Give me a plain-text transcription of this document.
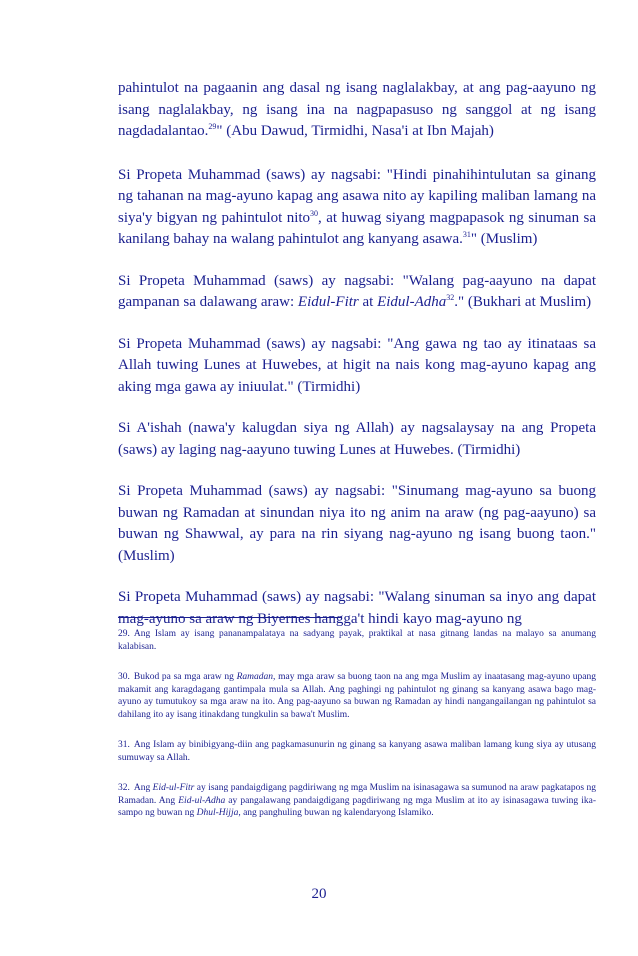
pahintulot na pagaanin ang dasal ng isang naglalakbay, at ang pag-aayuno ng isang naglalakbay, ng isang ina na nagpapasuso ng sanggol at ng isang nagdadalantao.$^{29}$" (Abu Dawud, Tirmidhi, Nasa'i at Ibn Majah)

Si Propeta Muhammad (saws) ay nagsabi: "Hindi pinahihintulutan sa ginang ng tahanan na mag-ayuno kapag ang asawa nito ay kapiling maliban lamang na siya'y bigyan ng pahintulot nito$^{30}$, at huwag siyang magpapasok ng sinuman sa kanilang bahay na walang pahintulot ang kanyang asawa.$^{31}$" (Muslim)

Si Propeta Muhammad (saws) ay nagsabi: "Walang pag-aayuno na dapat gampanan sa dalawang araw: Eidul-Fitr at Eidul-Adha$^{32}$." (Bukhari at Muslim)

Si Propeta Muhammad (saws) ay nagsabi: "Ang gawa ng tao ay itinataas sa Allah tuwing Lunes at Huwebes, at higit na nais kong mag-ayuno kapag ang aking mga gawa ay iniuulat." (Tirmidhi)

Si A'ishah (nawa'y kalugdan siya ng Allah) ay nagsalaysay na ang Propeta (saws) ay laging nag-aayuno tuwing Lunes at Huwebes. (Tirmidhi)

Si Propeta Muhammad (saws) ay nagsabi: "Sinumang mag-ayuno sa buong buwan ng Ramadan at sinundan niya ito ng anim na araw (ng pag-aayuno) sa buwan ng Shawwal, ay para na rin siyang nag-ayuno ng isang buong taon." (Muslim)

Si Propeta Muhammad (saws) ay nagsabi: "Walang sinuman sa inyo ang dapat mag-ayuno sa araw ng Biyernes hangga't hindi kayo mag-ayuno ng

29. Ang Islam ay isang pananampalataya na sadyang payak, praktikal at nasa gitnang landas na malayo sa anumang kalabisan.

30. Bukod pa sa mga araw ng Ramadan, may mga araw sa buong taon na ang mga Muslim ay inaatasang mag-ayuno upang makamit ang karagdagang gantimpala mula sa Allah. Ang paghingi ng pahintulot ng ginang sa kanyang asawa bago mag-ayuno ay tumutukoy sa mga araw na ito. Ang pag-aayuno sa buwan ng Ramadan ay hindi nangangailangan ng pahintulot sa dahilang ito ay isang itinakdang tungkulin sa bawa't Muslim.

31. Ang Islam ay binibigyang-diin ang pagkamasunurin ng ginang sa kanyang asawa maliban lamang kung siya ay utusang sumuway sa Allah.

32. Ang Eid-ul-Fitr ay isang pandaigdigang pagdiriwang ng mga Muslim na isinasagawa sa sumunod na araw pagkatapos ng Ramadan. Ang Eid-ul-Adha ay pangalawang pandaigdigang pagdiriwang ng mga Muslim at ito ay isinasagawa tuwing ika-sampo ng buwan ng Dhul-Hijja, ang panghuling buwan ng kalendaryong Islamiko.

20
